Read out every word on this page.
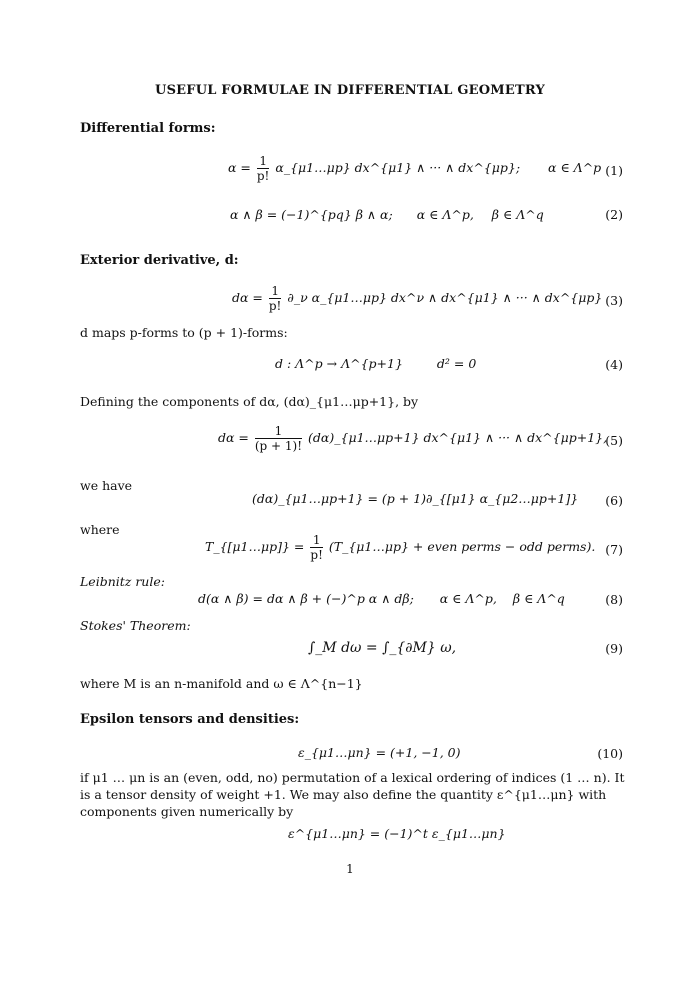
USEFUL FORMULAE IN DIFFERENTIAL GEOMETRY
Differential forms:
$\alpha = \frac{1}{p!}$ α_{μ1…μp} dx^{μ1} ∧ ··· ∧ dx^{μp}; α ∈ Λ^p (1)
α ∧ β = (−1)^{pq} β ∧ α; α ∈ Λ^p, β ∈ Λ^q	(2)
Exterior derivative, d:
$d\alpha = \frac{1}{p!}$ ∂_ν α_{μ1…μp} dx^ν ∧ dx^{μ1} ∧ ··· ∧ dx^{μp} (3)
d maps p-forms to (p + 1)-forms:
d : Λ^p → Λ^{p+1}	d² = 0	(4)
Defining the components of dα, (dα)_{μ1…μp+1}, by
$d\alpha = \frac{1}{(p + 1)!}$ (dα)_{μ1…μp+1} dx^{μ1} ∧ ··· ∧ dx^{μp+1},
(5)
we have
(dα)_{μ1…μp+1} = (p + 1)∂_{[μ1} α_{μ2…μp+1]} (6)
where
T_{[μ1…μp]} = $\frac{1}{p!}$ (T_{μ1…μp} + even perms − odd perms). (7)
Leibnitz rule:
d(α ∧ β) = dα ∧ β + (−)^p α ∧ dβ; α ∈ Λ^p, β ∈ Λ^q	(8)
Stokes' Theorem:
∫_M dω = ∫_{∂M} ω,	(9)
where M is an n-manifold and ω ∈ Λ^{n−1}
Epsilon tensors and densities:
ε_{μ1…μn} = (+1, −1, 0)	(10)
if μ1 … μn is an (even, odd, no) permutation of a lexical ordering of indices (1 … n). It is a tensor density of weight +1. We may also define the quantity ε^{μ1…μn} with components given numerically by
ε^{μ1…μn} = (−1)^t ε_{μ1…μn}
1
